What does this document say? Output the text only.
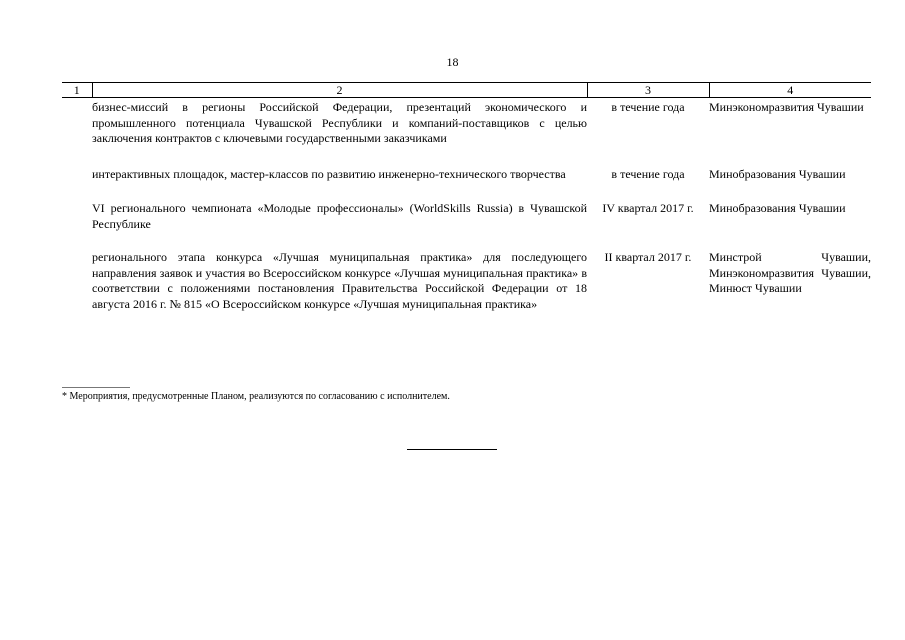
18
1	2	3	4
	бизнес-миссий в регионы Российской Федерации, презентаций экономического и промышленного потенциала Чувашской Республики и компаний-поставщиков с целью заключения контрактов с ключевыми государственными заказчиками	в течение года	Минэкономразвития Чувашии
	интерактивных площадок, мастер-классов по развитию инженерно-технического творчества	в течение года	Минобразования Чувашии
	VI регионального чемпионата «Молодые профессионалы» (WorldSkills Russia) в Чувашской Республике	IV квартал 2017 г.	Минобразования Чувашии
	регионального этапа конкурса «Лучшая муниципальная практика» для последующего направления заявок и участия во Всероссийском конкурсе «Лучшая муниципальная практика» в соответствии с положениями постановления Правительства Российской Федерации от 18 августа 2016 г. № 815 «О Всероссийском конкурсе «Лучшая муниципальная практика»	II квартал 2017 г.	Минстрой Чувашии, Минэкономразвития Чувашии, Минюст Чувашии
* Мероприятия, предусмотренные Планом, реализуются по согласованию с исполнителем.
